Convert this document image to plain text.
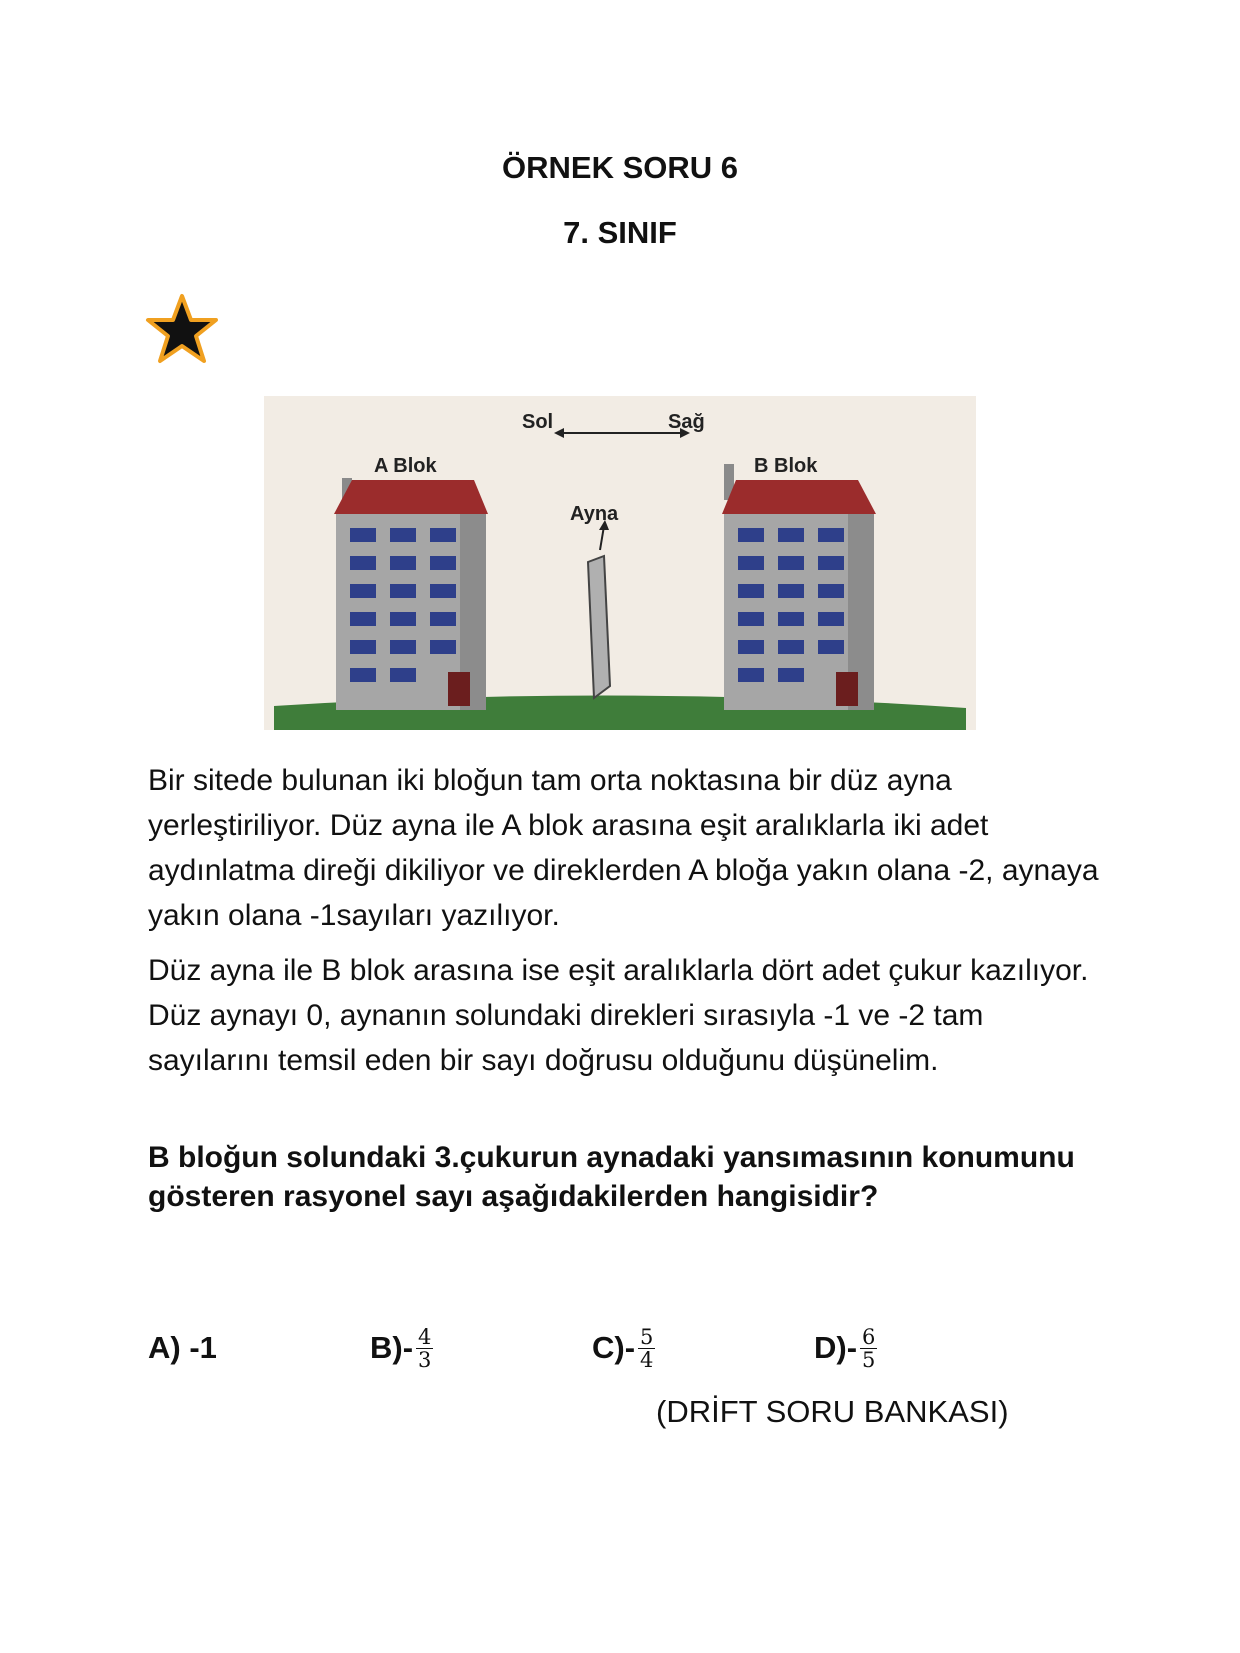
ÖRNEK SORU 6
7. SINIF
Sol	Sağ
A Blok	B Blok
Ayna

Bir sitede bulunan iki bloğun tam orta noktasına bir düz ayna yerleştiriliyor. Düz ayna ile A blok arasına eşit aralıklarla iki adet aydınlatma direği dikiliyor ve direklerden A bloğa yakın olana -2, aynaya yakın olana -1sayıları yazılıyor.

Düz ayna ile B blok arasına ise eşit aralıklarla dört adet çukur kazılıyor. Düz aynayı 0, aynanın solundaki direkleri sırasıyla -1 ve -2 tam sayılarını temsil eden bir sayı doğrusu olduğunu düşünelim.

B bloğun solundaki 3.çukurun aynadaki yansımasının konumunu gösteren rasyonel sayı aşağıdakilerden hangisidir?

A) -1	$B)- \frac{4}{3}$	$C)- \frac{5}{4}$	$D)- \frac{6}{5}$
(DRİFT SORU BANKASI)
